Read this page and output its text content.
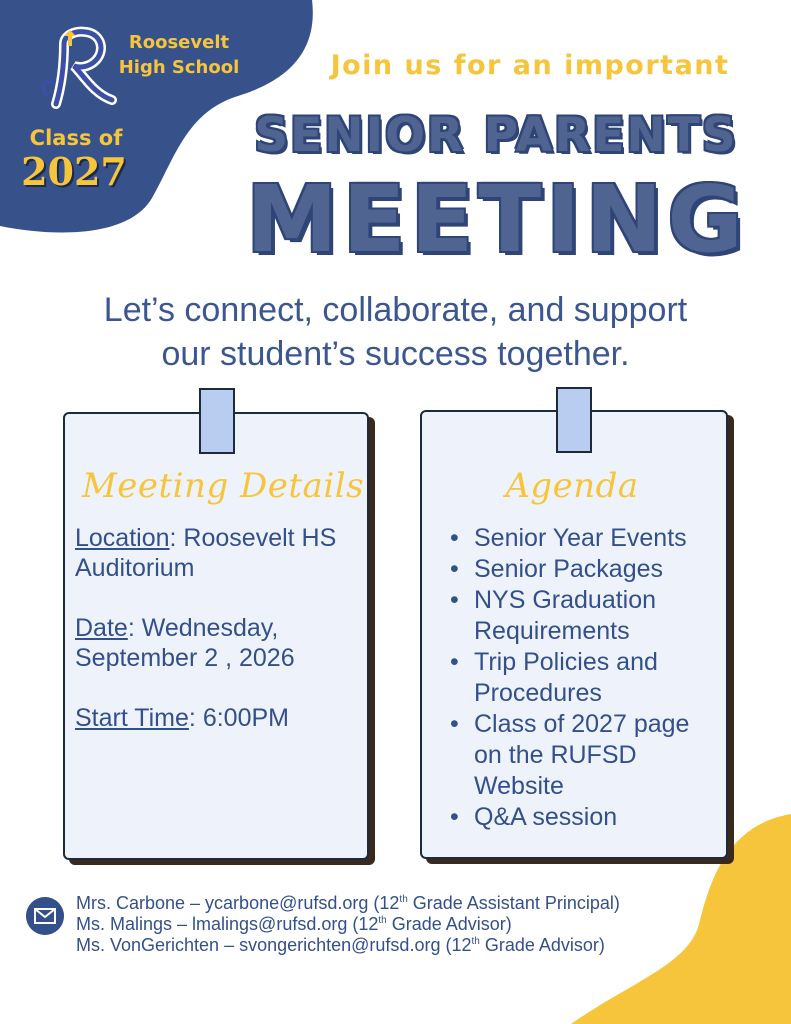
Roosevelt
High School
Class of
2027
Join us for an important
SENIOR PARENTS
MEETING
Let’s connect, collaborate, and support
our student’s success together.
Meeting Details

Location: Roosevelt HS Auditorium

Date: Wednesday, September 2 , 2026

Start Time: 6:00PM

Agenda
• Senior Year Events
• Senior Packages
• NYS Graduation Requirements
• Trip Policies and Procedures
• Class of 2027 page on the RUFSD Website
• Q&A session
Mrs. Carbone – ycarbone@rufsd.org (12th Grade Assistant Principal)
Ms. Malings – lmalings@rufsd.org (12th Grade Advisor)
Ms. VonGerichten – svongerichten@rufsd.org (12th Grade Advisor)
